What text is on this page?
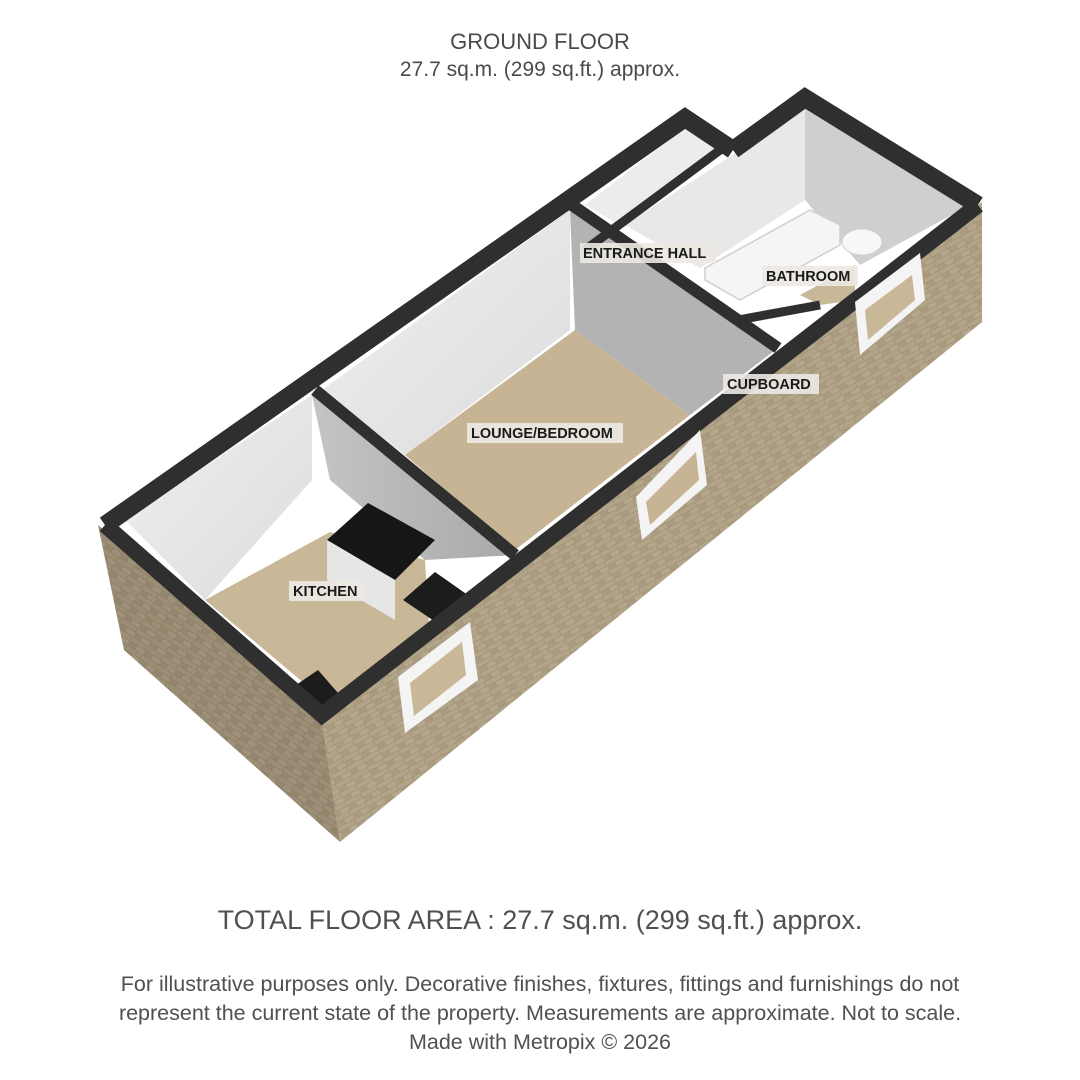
GROUND FLOOR
27.7 sq.m. (299 sq.ft.) approx.
ENTRANCE HALL
BATHROOM
CUPBOARD
LOUNGE/BEDROOM
KITCHEN
TOTAL FLOOR AREA : 27.7 sq.m. (299 sq.ft.) approx.
For illustrative purposes only. Decorative finishes, fixtures, fittings and furnishings do not
represent the current state of the property. Measurements are approximate. Not to scale.
Made with Metropix © 2026
